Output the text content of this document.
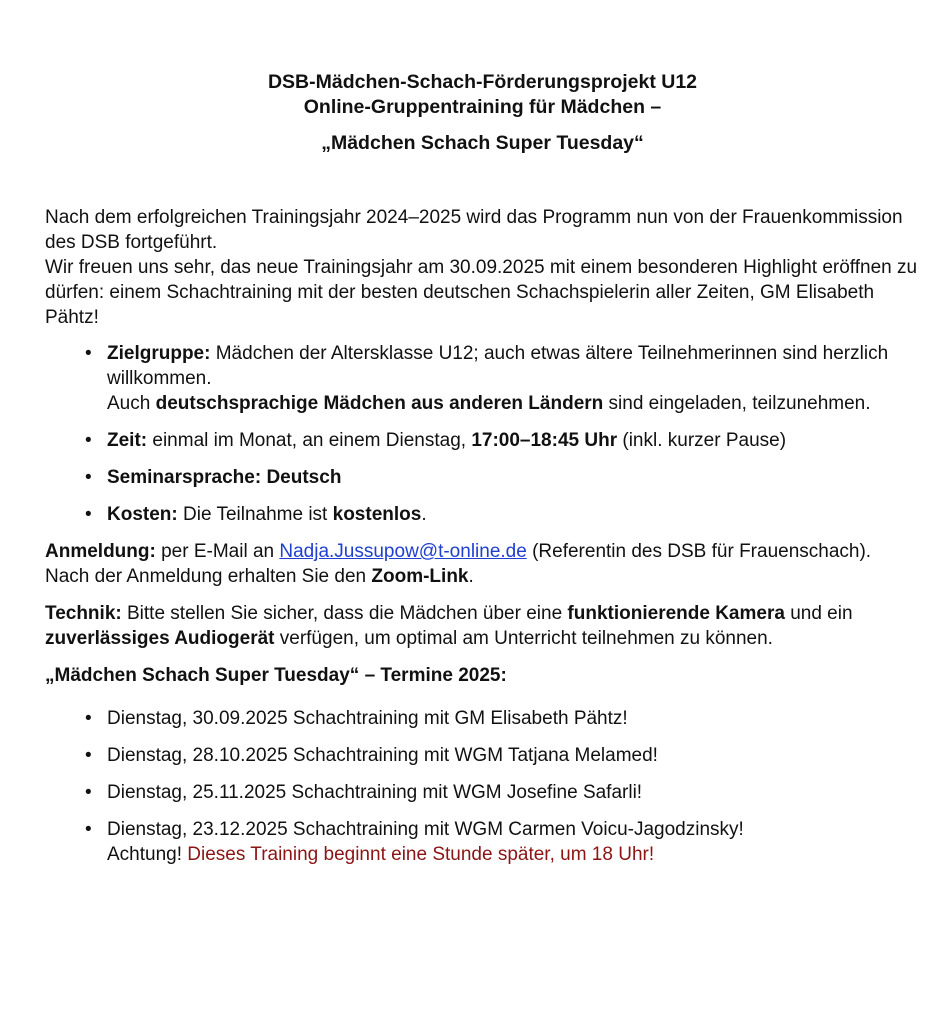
DSB-Mädchen-Schach-Förderungsprojekt U12
Online-Gruppentraining für Mädchen –
„Mädchen Schach Super Tuesday“

Nach dem erfolgreichen Trainingsjahr 2024–2025 wird das Programm nun von der Frauenkommission des DSB fortgeführt.

Wir freuen uns sehr, das neue Trainingsjahr am 30.09.2025 mit einem besonderen Highlight eröffnen zu dürfen: einem Schachtraining mit der besten deutschen Schachspielerin aller Zeiten, GM Elisabeth Pähtz!

• Zielgruppe: Mädchen der Altersklasse U12; auch etwas ältere Teilnehmerinnen sind herzlich willkommen.
Auch deutschsprachige Mädchen aus anderen Ländern sind eingeladen, teilzunehmen.
• Zeit: einmal im Monat, an einem Dienstag, 17:00–18:45 Uhr (inkl. kurzer Pause)
• Seminarsprache: Deutsch
• Kosten: Die Teilnahme ist kostenlos.

Anmeldung: per E-Mail an Nadja.Jussupow@t-online.de (Referentin des DSB für Frauenschach).

Nach der Anmeldung erhalten Sie den Zoom-Link.

Technik: Bitte stellen Sie sicher, dass die Mädchen über eine funktionierende Kamera und ein zuverlässiges Audiogerät verfügen, um optimal am Unterricht teilnehmen zu können.

„Mädchen Schach Super Tuesday“ – Termine 2025:
• Dienstag, 30.09.2025 Schachtraining mit GM Elisabeth Pähtz!
• Dienstag, 28.10.2025 Schachtraining mit WGM Tatjana Melamed!
• Dienstag, 25.11.2025 Schachtraining mit WGM Josefine Safarli!
• Dienstag, 23.12.2025 Schachtraining mit WGM Carmen Voicu-Jagodzinsky!
Achtung! Dieses Training beginnt eine Stunde später, um 18 Uhr!
